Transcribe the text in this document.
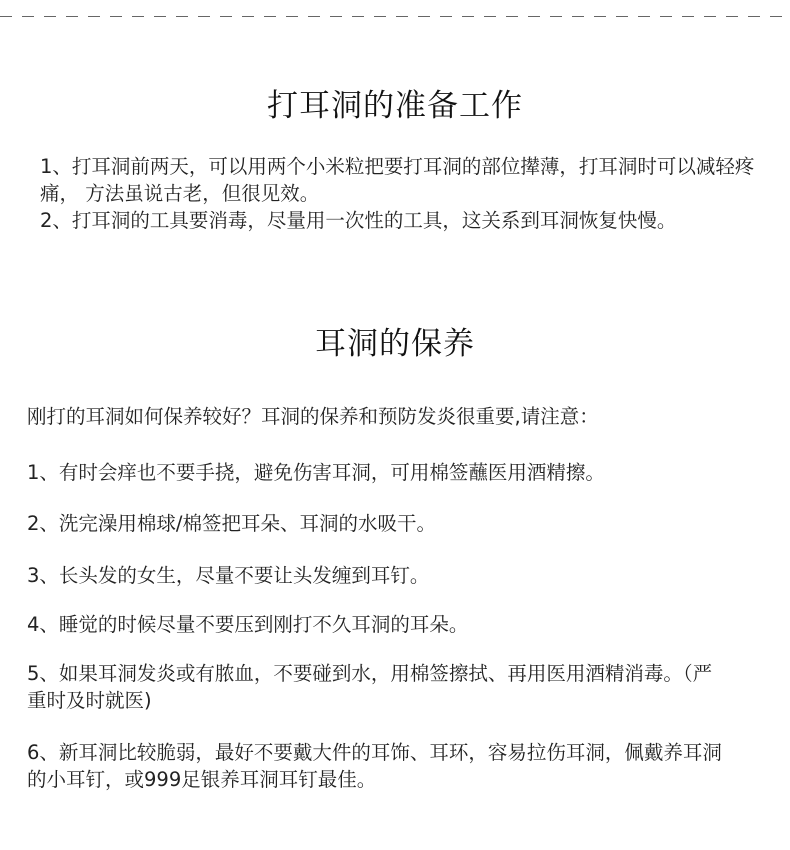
打耳洞的准备工作

1、打耳洞前两天，可以用两个小米粒把要打耳洞的部位撵薄，打耳洞时可以减轻疼痛， 方法虽说古老，但很见效。

2、打耳洞的工具要消毒，尽量用一次性的工具，这关系到耳洞恢复快慢。

耳洞的保养

刚打的耳洞如何保养较好？耳洞的保养和预防发炎很重要,请注意：

1、有时会痒也不要手挠，避免伤害耳洞，可用棉签蘸医用酒精擦。

2、洗完澡用棉球/棉签把耳朵、耳洞的水吸干。

3、长头发的女生，尽量不要让头发缠到耳钉。

4、睡觉的时候尽量不要压到刚打不久耳洞的耳朵。

5、如果耳洞发炎或有脓血，不要碰到水，用棉签擦拭、再用医用酒精消毒。（严重时及时就医)

6、新耳洞比较脆弱，最好不要戴大件的耳饰、耳环，容易拉伤耳洞，佩戴养耳洞的小耳钉，或999足银养耳洞耳钉最佳。
